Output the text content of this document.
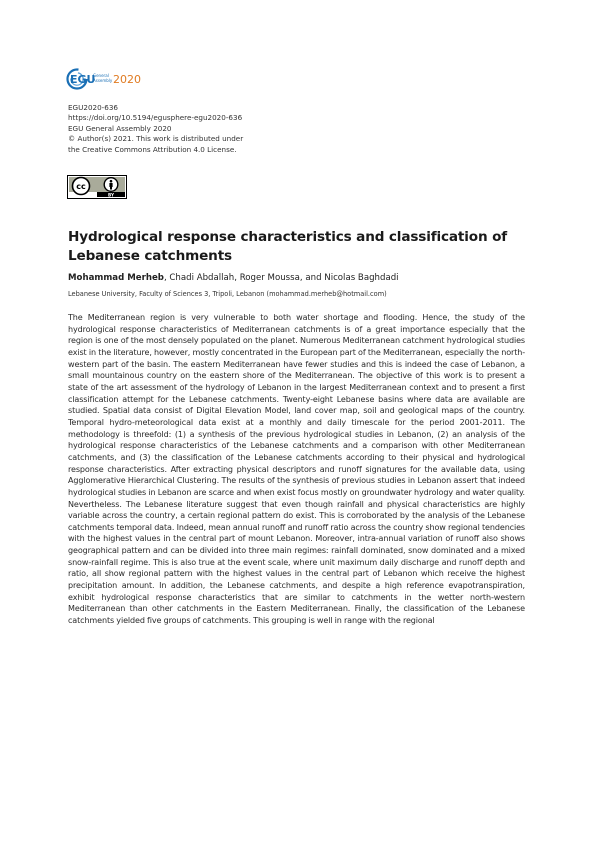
EGU
General
Assembly 2020
EGU2020-636
https://doi.org/10.5194/egusphere-egu2020-636
EGU General Assembly 2020
© Author(s) 2021. This work is distributed under
the Creative Commons Attribution 4.0 License.
cc
BY
Hydrological response characteristics and classification of Lebanese catchments
Mohammad Merheb, Chadi Abdallah, Roger Moussa, and Nicolas Baghdadi
Lebanese University, Faculty of Sciences 3, Tripoli, Lebanon (mohammad.merheb@hotmail.com)
The Mediterranean region is very vulnerable to both water shortage and flooding. Hence, the study of the hydrological response characteristics of Mediterranean catchments is of a great importance especially that the region is one of the most densely populated on the planet. Numerous Mediterranean catchment hydrological studies exist in the literature, however, mostly concentrated in the European part of the Mediterranean, especially the north-western part of the basin. The eastern Mediterranean have fewer studies and this is indeed the case of Lebanon, a small mountainous country on the eastern shore of the Mediterranean. The objective of this work is to present a state of the art assessment of the hydrology of Lebanon in the largest Mediterranean context and to present a first classification attempt for the Lebanese catchments. Twenty-eight Lebanese basins where data are available are studied. Spatial data consist of Digital Elevation Model, land cover map, soil and geological maps of the country. Temporal hydro-meteorological data exist at a monthly and daily timescale for the period 2001-2011. The methodology is threefold: (1) a synthesis of the previous hydrological studies in Lebanon, (2) an analysis of the hydrological response characteristics of the Lebanese catchments and a comparison with other Mediterranean catchments, and (3) the classification of the Lebanese catchments according to their physical and hydrological response characteristics. After extracting physical descriptors and runoff signatures for the available data, using Agglomerative Hierarchical Clustering. The results of the synthesis of previous studies in Lebanon assert that indeed hydrological studies in Lebanon are scarce and when exist focus mostly on groundwater hydrology and water quality. Nevertheless. The Lebanese literature suggest that even though rainfall and physical characteristics are highly variable across the country, a certain regional pattern do exist. This is corroborated by the analysis of the Lebanese catchments temporal data. Indeed, mean annual runoff and runoff ratio across the country show regional tendencies with the highest values in the central part of mount Lebanon. Moreover, intra-annual variation of runoff also shows geographical pattern and can be divided into three main regimes: rainfall dominated, snow dominated and a mixed snow-rainfall regime. This is also true at the event scale, where unit maximum daily discharge and runoff depth and ratio, all show regional pattern with the highest values in the central part of Lebanon which receive the highest precipitation amount. In addition, the Lebanese catchments, and despite a high reference evapotranspiration, exhibit hydrological response characteristics that are similar to catchments in the wetter north-western Mediterranean than other catchments in the Eastern Mediterranean. Finally, the classification of the Lebanese catchments yielded five groups of catchments. This grouping is well in range with the regional
